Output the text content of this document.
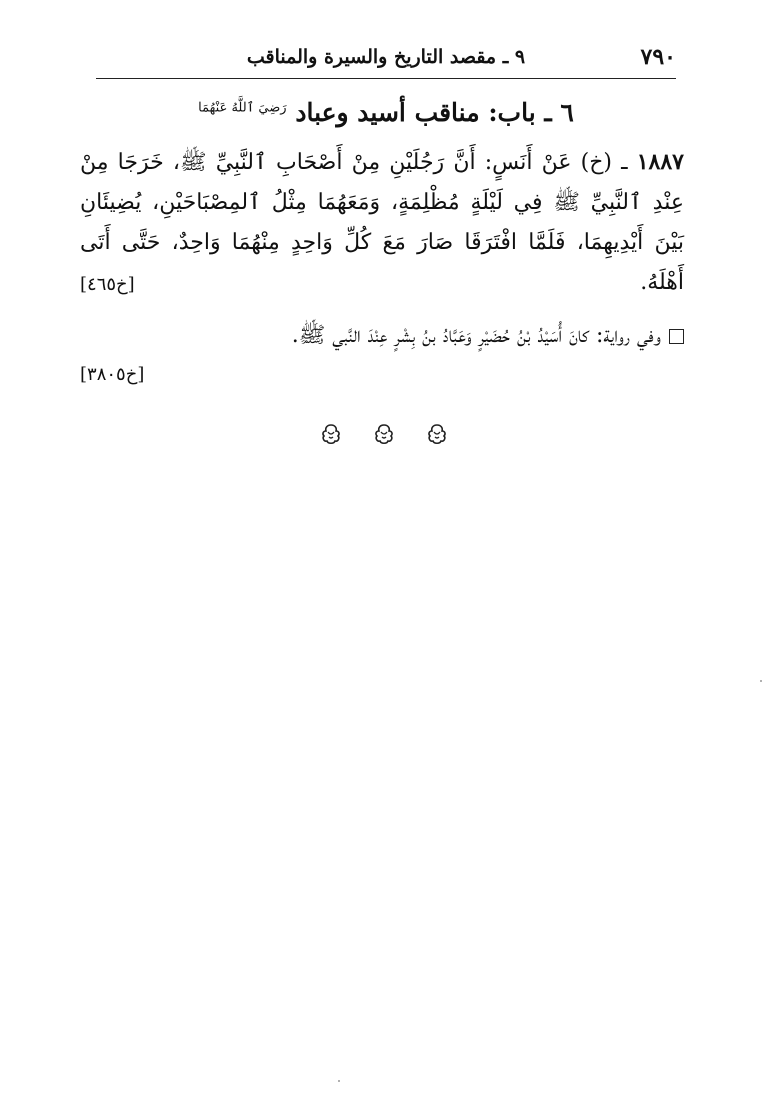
٧٩٠
٩ ـ مقصد التاريخ والسيرة والمناقب
٦ ـ باب: مناقب أسيد وعباد $^{رَضِيَ ٱللَّهُ عَنْهُمَا}$
١٨٨٧ ـ (خ) عَنْ أَنَسٍ: أَنَّ رَجُلَيْنِ مِنْ أَصْحَابِ ٱلنَّبِيِّ ﷺ، خَرَجَا مِنْ عِنْدِ ٱلنَّبِيِّ ﷺ فِي لَيْلَةٍ مُظْلِمَةٍ، وَمَعَهُمَا مِثْلُ ٱلمِصْبَاحَيْنِ، يُضِيئَانِ بَيْنَ أَيْدِيهِمَا، فَلَمَّا افْتَرَقَا صَارَ مَعَ كُلِّ وَاحِدٍ مِنْهُمَا وَاحِدٌ، حَتَّى أَتَى أَهْلَهُ.
[خ٤٦٥]
وفي رواية: كانَ أُسَيْدُ بْنُ حُضَيْرٍ وَعَبَّادُ بنُ بِشْرٍ عِنْدَ النَّبي ﷺ.
[خ٣٨٠٥]
